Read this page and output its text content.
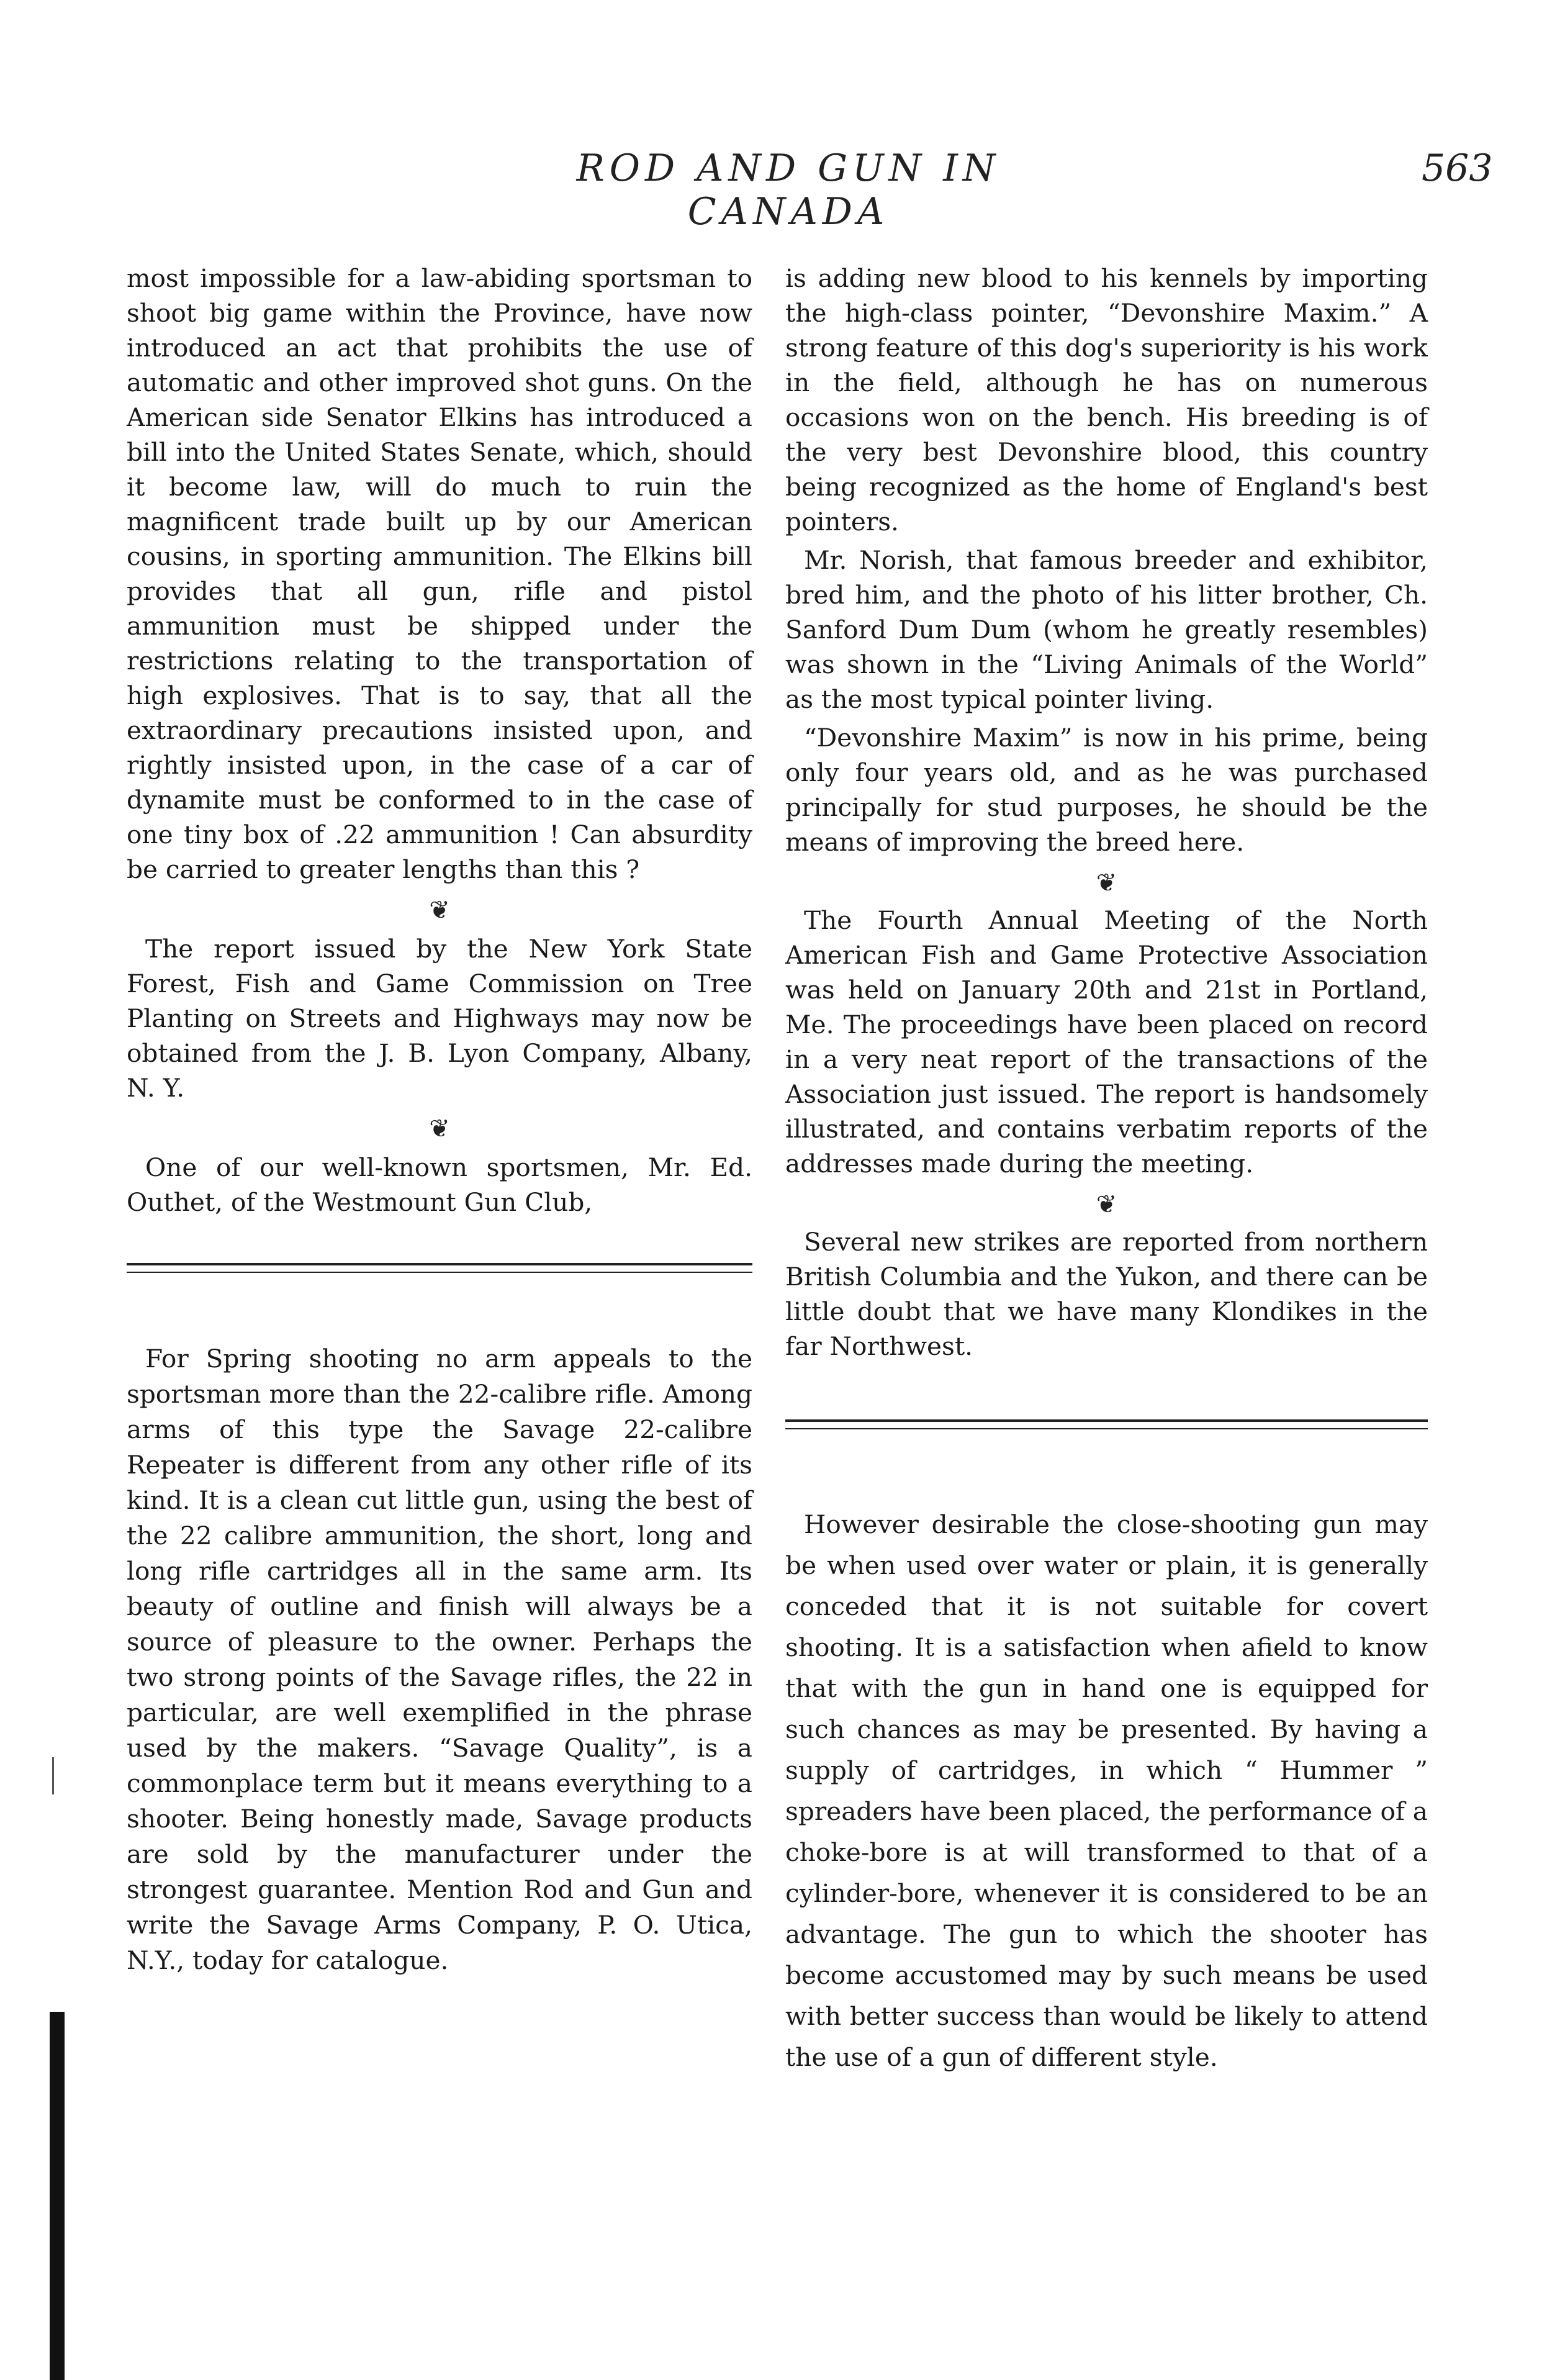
ROD AND GUN IN CANADA
563

most impossible for a law-abiding sportsman to shoot big game within the Province, have now introduced an act that prohibits the use of automatic and other improved shot guns. On the American side Senator Elkins has introduced a bill into the United States Senate, which, should it become law, will do much to ruin the magnificent trade built up by our American cousins, in sporting ammunition. The Elkins bill provides that all gun, rifle and pistol ammunition must be shipped under the restrictions relating to the transportation of high explosives. That is to say, that all the extraordinary precautions insisted upon, and rightly insisted upon, in the case of a car of dynamite must be conformed to in the case of one tiny box of .22 ammunition ! Can absurdity be carried to greater lengths than this ?

❦

The report issued by the New York State Forest, Fish and Game Commission on Tree Planting on Streets and Highways may now be obtained from the J. B. Lyon Company, Albany, N. Y.

❦

One of our well-known sportsmen, Mr. Ed. Outhet, of the Westmount Gun Club,

For Spring shooting no arm appeals to the sportsman more than the 22-calibre rifle. Among arms of this type the Savage 22-calibre Repeater is different from any other rifle of its kind. It is a clean cut little gun, using the best of the 22 calibre ammunition, the short, long and long rifle cartridges all in the same arm. Its beauty of outline and finish will always be a source of pleasure to the owner. Perhaps the two strong points of the Savage rifles, the 22 in particular, are well exemplified in the phrase used by the makers. “Savage Quality”, is a commonplace term but it means everything to a shooter. Being honestly made, Savage products are sold by the manufacturer under the strongest guarantee. Mention Rod and Gun and write the Savage Arms Company, P. O. Utica, N.Y., today for catalogue.

is adding new blood to his kennels by importing the high-class pointer, “Devonshire Maxim.” A strong feature of this dog's superiority is his work in the field, although he has on numerous occasions won on the bench. His breeding is of the very best Devonshire blood, this country being recognized as the home of England's best pointers.

Mr. Norish, that famous breeder and exhibitor, bred him, and the photo of his litter brother, Ch. Sanford Dum Dum (whom he greatly resembles) was shown in the “Living Animals of the World” as the most typical pointer living.

“Devonshire Maxim” is now in his prime, being only four years old, and as he was purchased principally for stud purposes, he should be the means of improving the breed here.

❦

The Fourth Annual Meeting of the North American Fish and Game Protective Association was held on January 20th and 21st in Portland, Me. The proceedings have been placed on record in a very neat report of the transactions of the Association just issued. The report is handsomely illustrated, and contains verbatim reports of the addresses made during the meeting.

❦

Several new strikes are reported from northern British Columbia and the Yukon, and there can be little doubt that we have many Klondikes in the far Northwest.

However desirable the close-shooting gun may be when used over water or plain, it is generally conceded that it is not suitable for covert shooting. It is a satisfaction when afield to know that with the gun in hand one is equipped for such chances as may be presented. By having a supply of cartridges, in which “ Hummer ” spreaders have been placed, the performance of a choke-bore is at will transformed to that of a cylinder-bore, whenever it is considered to be an advantage. The gun to which the shooter has become accustomed may by such means be used with better success than would be likely to attend the use of a gun of different style.
